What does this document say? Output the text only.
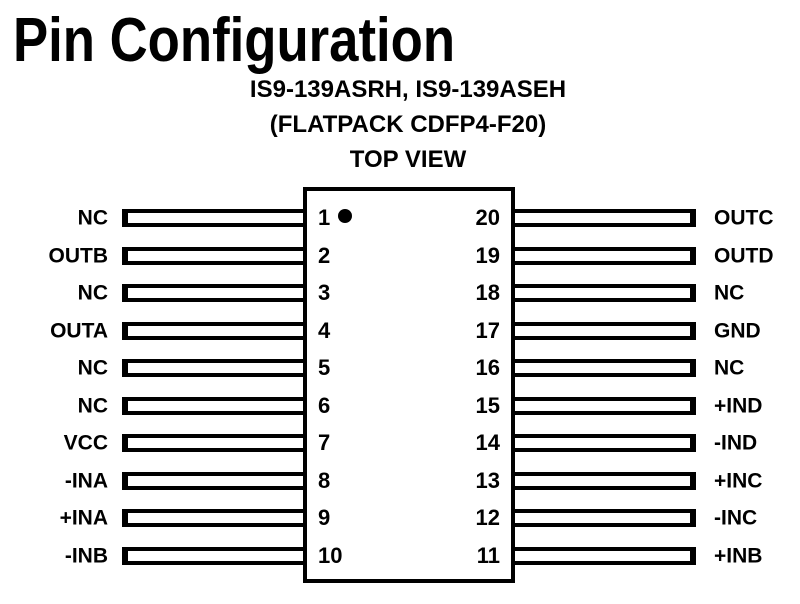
Pin Configuration
IS9-139ASRH, IS9-139ASEH
(FLATPACK CDFP4-F20)
TOP VIEW
NC	1	20	OUTC
OUTB	2	19	OUTD
NC	3	18	NC
OUTA	4	17	GND
NC	5	16	NC
NC	6	15	+IND
VCC	7	14	-IND
-INA	8	13	+INC
+INA	9	12	-INC
-INB	10	11	+INB
